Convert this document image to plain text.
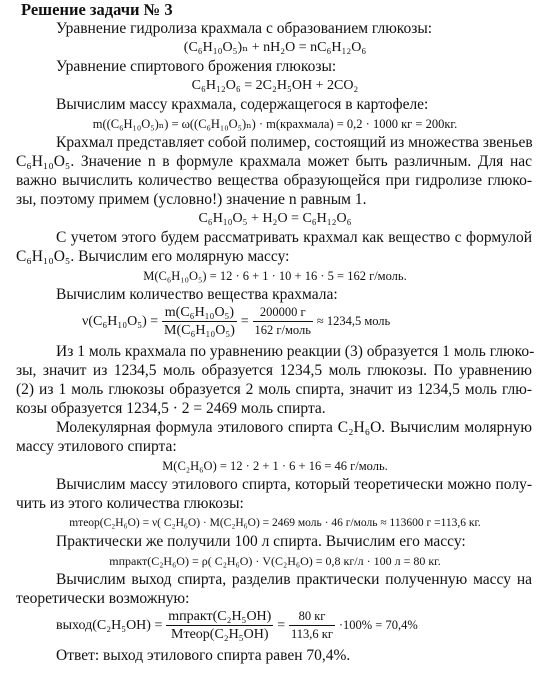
Решение задачи № 3
Уравнение гидролиза крахмала с образованием глюкозы:
(C₆H₁₀O₅)ₙ + nH₂O = nC₆H₁₂O₆
Уравнение спиртового брожения глюкозы:
C₆H₁₂O₆ = 2C₂H₅OH + 2CO₂
Вычислим массу крахмала, содержащегося в картофеле:
m((C₆H₁₀O₅)ₙ) = ω((C₆H₁₀O₅)ₙ) · m(крахмала) = 0,2 · 1000 кг = 200кг.
Крахмал представляет собой полимер, состоящий из множества звеньев
C₆H₁₀O₅. Значение n в формуле крахмала может быть различным. Для нас
важно вычислить количество вещества образующейся при гидролизе глюко-
зы, поэтому примем (условно!) значение n равным 1.
C₆H₁₀O₅ + H₂O = C₆H₁₂O₆
С учетом этого будем рассматривать крахмал как вещество с формулой
C₆H₁₀O₅. Вычислим его молярную массу:
M(C₆H₁₀O₅) = 12 · 6 + 1 · 10 + 16 · 5 = 162 г/моль.
Вычислим количество вещества крахмала:
$\nu(C_6H_{10}O_5) = \frac{\text{m(C₆H₁₀O₅)}}{\text{M(C₆H₁₀O₅)}} = \frac{200000 г}{\text{162 г/моль}} \approx 1234,5$ моль
Из 1 моль крахмала по уравнению реакции (3) образуется 1 моль глюко-
зы, значит из 1234,5 моль образуется 1234,5 моль глюкозы. По уравнению
(2) из 1 моль глюкозы образуется 2 моль спирта, значит из 1234,5 моль глю-
козы образуется 1234,5 · 2 = 2469 моль спирта.
Молекулярная формула этилового спирта C₂H₆O. Вычислим молярную
массу этилового спирта:
M(C₂H₆O) = 12 · 2 + 1 · 6 + 16 = 46 г/моль.
Вычислим массу этилового спирта, который теоретически можно полу-
чить из этого количества глюкозы:
mтеор(C₂H₆O) = ν( C₂H₆O) · M(C₂H₆O) = 2469 моль · 46 г/моль ≈ 113600 г =113,6 кг.
Практически же получили 100 л спирта. Вычислим его массу:
mпракт(C₂H₆O) = ρ( C₂H₆O) · V(C₂H₆O) = 0,8 кг/л · 100 л = 80 кг.
Вычислим выход спирта, разделив практически полученную массу на
теоретически возможную:
выход(C₂H₅OH) = $\frac{\text{mпракт(C₂H₅OH)}}{\text{Mтеор(C₂H₅OH)}} = \frac{80 кг}{113,6 кг} \cdot 100\% = 70,4\%$
Ответ: выход этилового спирта равен 70,4%.
